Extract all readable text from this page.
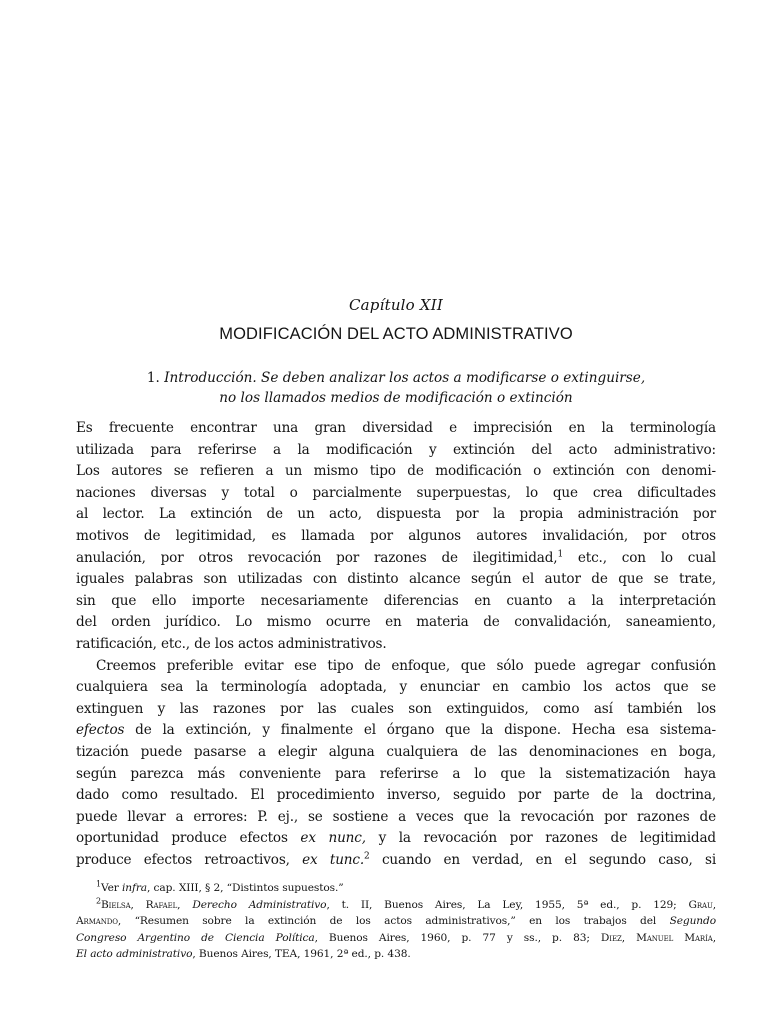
Capítulo XII
MODIFICACIÓN DEL ACTO ADMINISTRATIVO
1. Introducción. Se deben analizar los actos a modificarse o extinguirse,
no los llamados medios de modificación o extinción

Es frecuente encontrar una gran diversidad e imprecisión en la terminología
utilizada para referirse a la modificación y extinción del acto administrativo:
Los autores se refieren a un mismo tipo de modificación o extinción con denomi-
naciones diversas y total o parcialmente superpuestas, lo que crea dificultades
al lector. La extinción de un acto, dispuesta por la propia administración por
motivos de legitimidad, es llamada por algunos autores invalidación, por otros
anulación, por otros revocación por razones de ilegitimidad,$^1$ etc., con lo cual
iguales palabras son utilizadas con distinto alcance según el autor de que se trate,
sin que ello importe necesariamente diferencias en cuanto a la interpretación
del orden jurídico. Lo mismo ocurre en materia de convalidación, saneamiento,
ratificación, etc., de los actos administrativos.

Creemos preferible evitar ese tipo de enfoque, que sólo puede agregar confusión
cualquiera sea la terminología adoptada, y enunciar en cambio los actos que se
extinguen y las razones por las cuales son extinguidos, como así también los
efectos de la extinción, y finalmente el órgano que la dispone. Hecha esa sistema-
tización puede pasarse a elegir alguna cualquiera de las denominaciones en boga,
según parezca más conveniente para referirse a lo que la sistematización haya
dado como resultado. El procedimiento inverso, seguido por parte de la doctrina,
puede llevar a errores: P. ej., se sostiene a veces que la revocación por razones de
oportunidad produce efectos ex nunc, y la revocación por razones de legitimidad
produce efectos retroactivos, ex tunc.$^2$ cuando en verdad, en el segundo caso, si

$^1$Ver infra, cap. XIII, § 2, “Distintos supuestos.”
$^2$Bielsa, Rafael, Derecho Administrativo, t. II, Buenos Aires, La Ley, 1955, 5ª ed., p. 129; Grau,
Armando, “Resumen sobre la extinción de los actos administrativos,” en los trabajos del Segundo
Congreso Argentino de Ciencia Política, Buenos Aires, 1960, p. 77 y ss., p. 83; Diez, Manuel María,
El acto administrativo, Buenos Aires, TEA, 1961, 2ª ed., p. 438.
